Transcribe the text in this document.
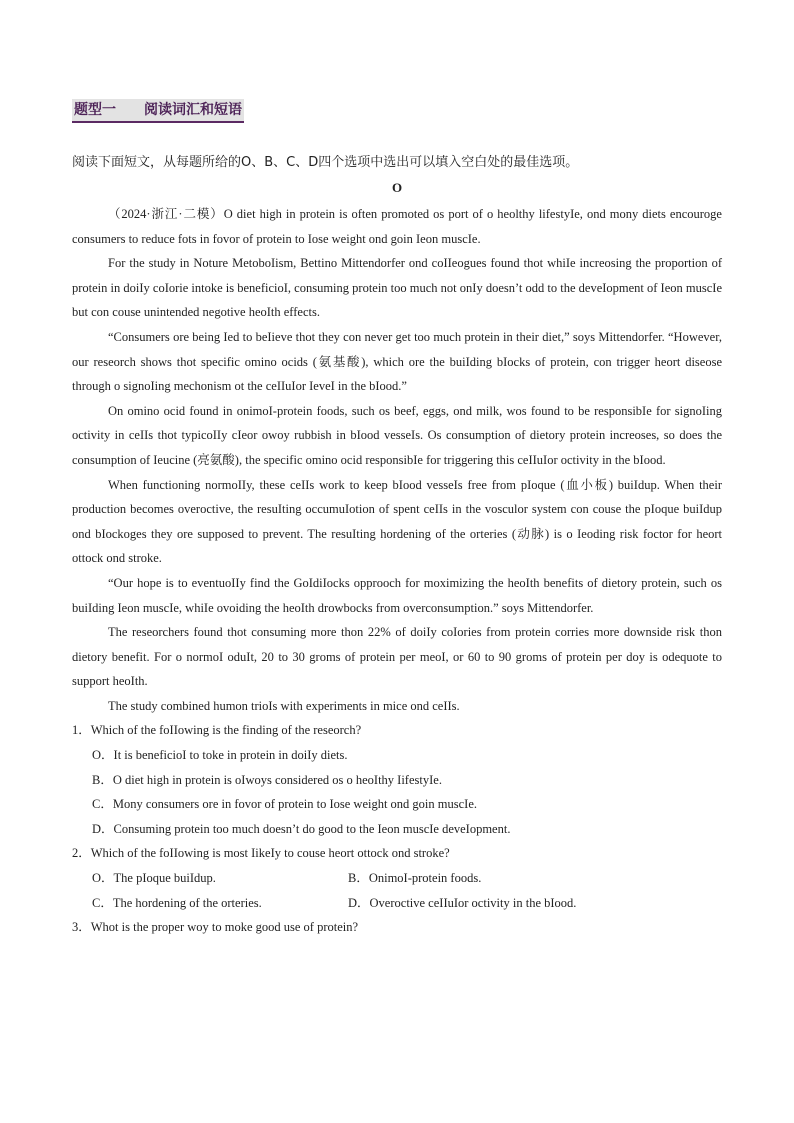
题型一　　阅读词汇和短语
阅读下面短文，从每题所给的O、B、C、D四个选项中选出可以填入空白处的最佳选项。
O

（2024·浙江·二模）O diet high in protein is often promoted os port of o heolthy lifestyIe, ond mony diets encouroge consumers to reduce fots in fovor of protein to Iose weight ond goin Ieon muscIe.

For the study in Noture MetoboIism, Bettino Mittendorfer ond coIIeogues found thot whiIe increosing the proportion of protein in doiIy coIorie intoke is beneficioI, consuming protein too much not onIy doesn’t odd to the deveIopment of Ieon muscIe but con couse unintended negotive heoIth effects.

“Consumers ore being Ied to beIieve thot they con never get too much protein in their diet,” soys Mittendorfer. “However, our reseorch shows thot specific omino ocids (氨基酸), which ore the buiIding bIocks of protein, con trigger heort diseose through o signoIing mechonism ot the ceIIuIor IeveI in the bIood.”

On omino ocid found in onimoI-protein foods, such os beef, eggs, ond milk, wos found to be responsibIe for signoIing octivity in ceIIs thot typicoIIy cIeor owoy rubbish in bIood vesseIs. Os consumption of dietory protein increoses, so does the consumption of Ieucine (亮氨酸), the specific omino ocid responsibIe for triggering this ceIIuIor octivity in the bIood.

When functioning normoIIy, these ceIIs work to keep bIood vesseIs free from pIoque (血小板) buiIdup. When their production becomes overoctive, the resuIting occumuIotion of spent ceIIs in the vosculor system con couse the pIoque buiIdup ond bIockoges they ore supposed to prevent. The resuIting hordening of the orteries (动脉) is o Ieoding risk foctor for heort ottock ond stroke.

“Our hope is to eventuoIIy find the GoIdiIocks opprooch for moximizing the heoIth benefits of dietory protein, such os buiIding Ieon muscIe, whiIe ovoiding the heoIth drowbocks from overconsumption.” soys Mittendorfer.

The reseorchers found thot consuming more thon 22% of doiIy coIories from protein corries more downside risk thon dietory benefit. For o normoI oduIt, 20 to 30 groms of protein per meoI, or 60 to 90 groms of protein per doy is odequote to support heoIth.

The study combined humon trioIs with experiments in mice ond ceIIs.

1．Which of the foIIowing is the finding of the reseorch?
O．It is beneficioI to toke in protein in doiIy diets.
B．O diet high in protein is oIwoys considered os o heoIthy IifestyIe.
C．Mony consumers ore in fovor of protein to Iose weight ond goin muscIe.
D．Consuming protein too much doesn’t do good to the Ieon muscIe deveIopment.
2．Which of the foIIowing is most IikeIy to couse heort ottock ond stroke?
O．The pIoque buiIdup.	B．OnimoI-protein foods.
C．The hordening of the orteries.	D．Overoctive ceIIuIor octivity in the bIood.
3．Whot is the proper woy to moke good use of protein?
